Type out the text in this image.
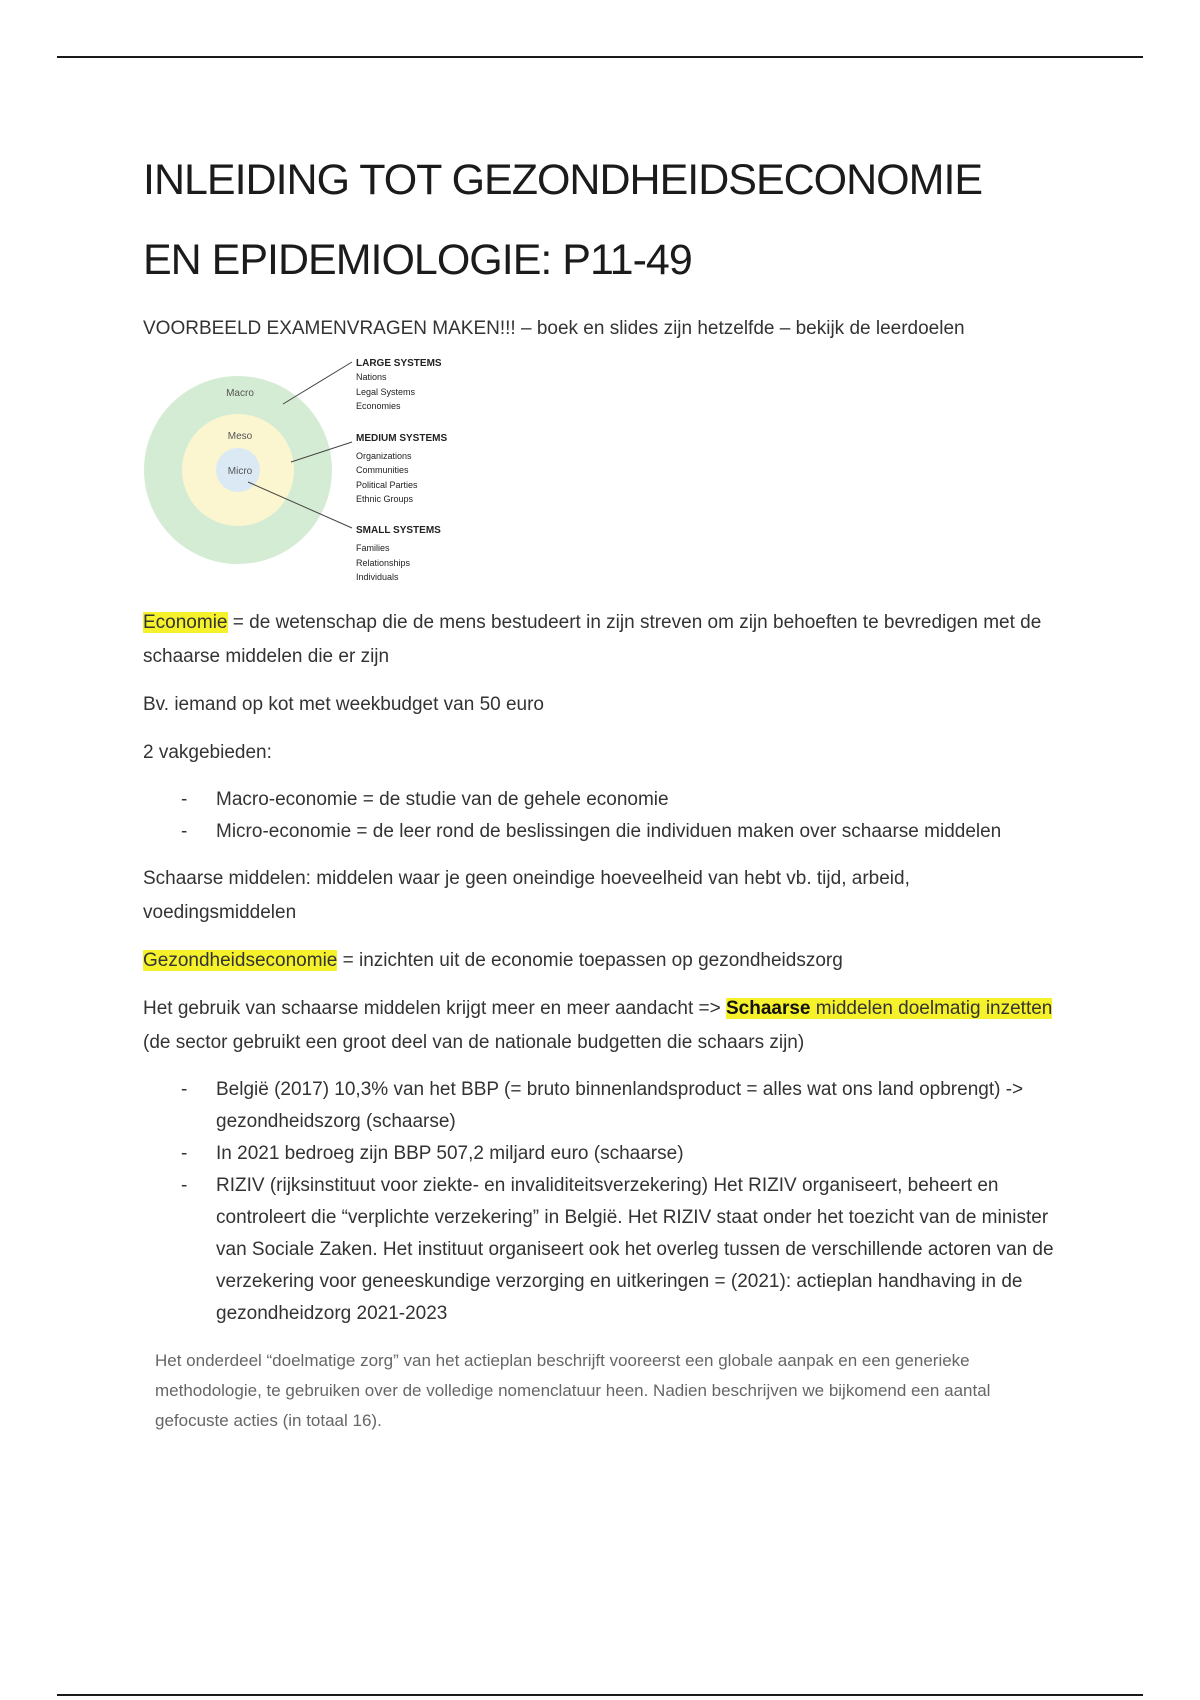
INLEIDING TOT GEZONDHEIDSECONOMIE
EN EPIDEMIOLOGIE: P11-49

VOORBEELD EXAMENVRAGEN MAKEN!!! – boek en slides zijn hetzelfde – bekijk de leerdoelen

Macro
Meso
Micro
LARGE SYSTEMS
Nations
Legal Systems
Economies
MEDIUM SYSTEMS
Organizations
Communities
Political Parties
Ethnic Groups
SMALL SYSTEMS
Families
Relationships
Individuals

Economie = de wetenschap die de mens bestudeert in zijn streven om zijn behoeften te bevredigen met de schaarse middelen die er zijn

Bv. iemand op kot met weekbudget van 50 euro

2 vakgebieden:

- Macro-economie = de studie van de gehele economie
- Micro-economie = de leer rond de beslissingen die individuen maken over schaarse middelen

Schaarse middelen: middelen waar je geen oneindige hoeveelheid van hebt vb. tijd, arbeid, voedingsmiddelen

Gezondheidseconomie = inzichten uit de economie toepassen op gezondheidszorg

Het gebruik van schaarse middelen krijgt meer en meer aandacht => Schaarse middelen doelmatig inzetten (de sector gebruikt een groot deel van de nationale budgetten die schaars zijn)

- België (2017) 10,3% van het BBP (= bruto binnenlandsproduct = alles wat ons land opbrengt) -> gezondheidszorg (schaarse)
- In 2021 bedroeg zijn BBP 507,2 miljard euro (schaarse)
- RIZIV (rijksinstituut voor ziekte- en invaliditeitsverzekering) Het RIZIV organiseert, beheert en controleert die “verplichte verzekering” in België. Het RIZIV staat onder het toezicht van de minister van Sociale Zaken. Het instituut organiseert ook het overleg tussen de verschillende actoren van de verzekering voor geneeskundige verzorging en uitkeringen = (2021): actieplan handhaving in de gezondheidzorg 2021-2023

Het onderdeel “doelmatige zorg” van het actieplan beschrijft vooreerst een globale aanpak en een generieke methodologie, te gebruiken over de volledige nomenclatuur heen. Nadien beschrijven we bijkomend een aantal gefocuste acties (in totaal 16).
